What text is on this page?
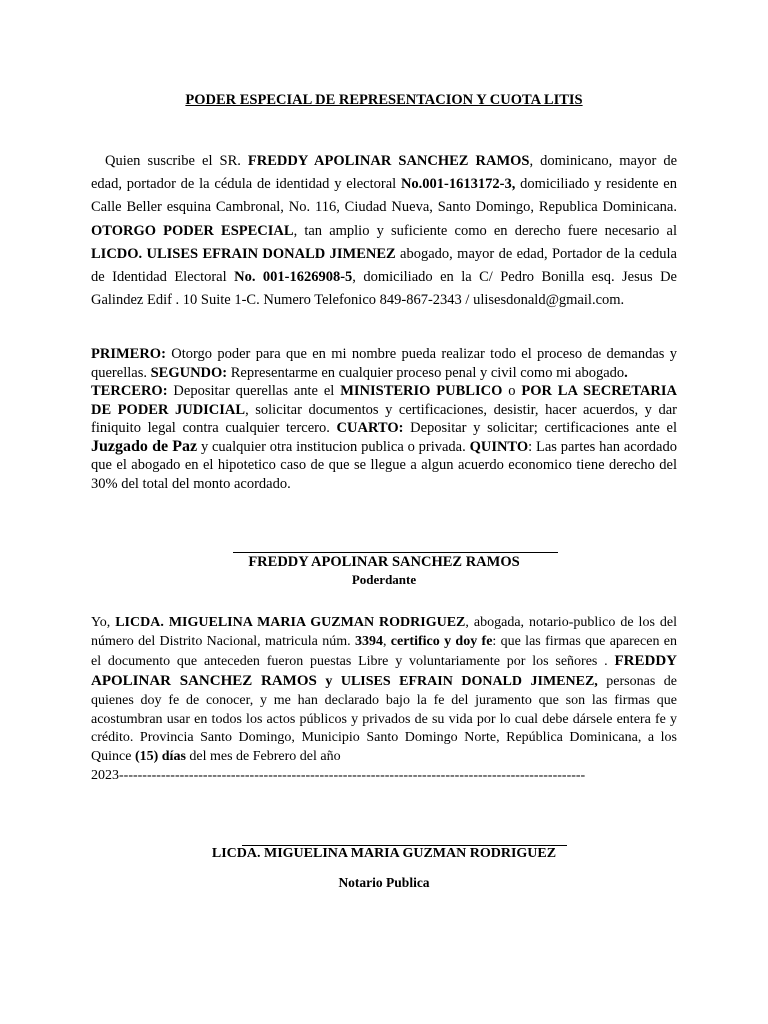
PODER ESPECIAL DE REPRESENTACION Y CUOTA LITIS
Quien suscribe el SR. FREDDY APOLINAR SANCHEZ RAMOS, dominicano, mayor de edad, portador de la cédula de identidad y electoral No.001-1613172-3, domiciliado y residente en Calle Beller esquina Cambronal, No. 116, Ciudad Nueva, Santo Domingo, Republica Dominicana. OTORGO PODER ESPECIAL, tan amplio y suficiente como en derecho fuere necesario al LICDO. ULISES EFRAIN DONALD JIMENEZ abogado, mayor de edad, Portador de la cedula de Identidad Electoral No. 001-1626908-5, domiciliado en la C/ Pedro Bonilla esq. Jesus De Galindez Edif . 10 Suite 1-C. Numero Telefonico 849-867-2343 / ulisesdonald@gmail.com.
PRIMERO: Otorgo poder para que en mi nombre pueda realizar todo el proceso de demandas y querellas. SEGUNDO: Representarme en cualquier proceso penal y civil como mi abogado.
TERCERO: Depositar querellas ante el MINISTERIO PUBLICO o POR LA SECRETARIA DE PODER JUDICIAL, solicitar documentos y certificaciones, desistir, hacer acuerdos, y dar finiquito legal contra cualquier tercero. CUARTO: Depositar y solicitar; certificaciones ante el Juzgado de Paz y cualquier otra institucion publica o privada. QUINTO: Las partes han acordado que el abogado en el hipotetico caso de que se llegue a algun acuerdo economico tiene derecho del 30% del total del monto acordado.
FREDDY APOLINAR SANCHEZ RAMOS
Poderdante
Yo, LICDA. MIGUELINA MARIA GUZMAN RODRIGUEZ, abogada, notario-publico de los del número del Distrito Nacional, matricula núm. 3394, certifico y doy fe: que las firmas que aparecen en el documento que anteceden fueron puestas Libre y voluntariamente por los señores . FREDDY APOLINAR SANCHEZ RAMOS y ULISES EFRAIN DONALD JIMENEZ, personas de quienes doy fe de conocer, y me han declarado bajo la fe del juramento que son las firmas que acostumbran usar en todos los actos públicos y privados de su vida por lo cual debe dársele entera fe y crédito. Provincia Santo Domingo, Municipio Santo Domingo Norte, República Dominicana, a los Quince (15) días del mes de Febrero del año
2023----------------------------------------------------------------------------------------------------
LICDA. MIGUELINA MARIA GUZMAN RODRIGUEZ
Notario Publica
